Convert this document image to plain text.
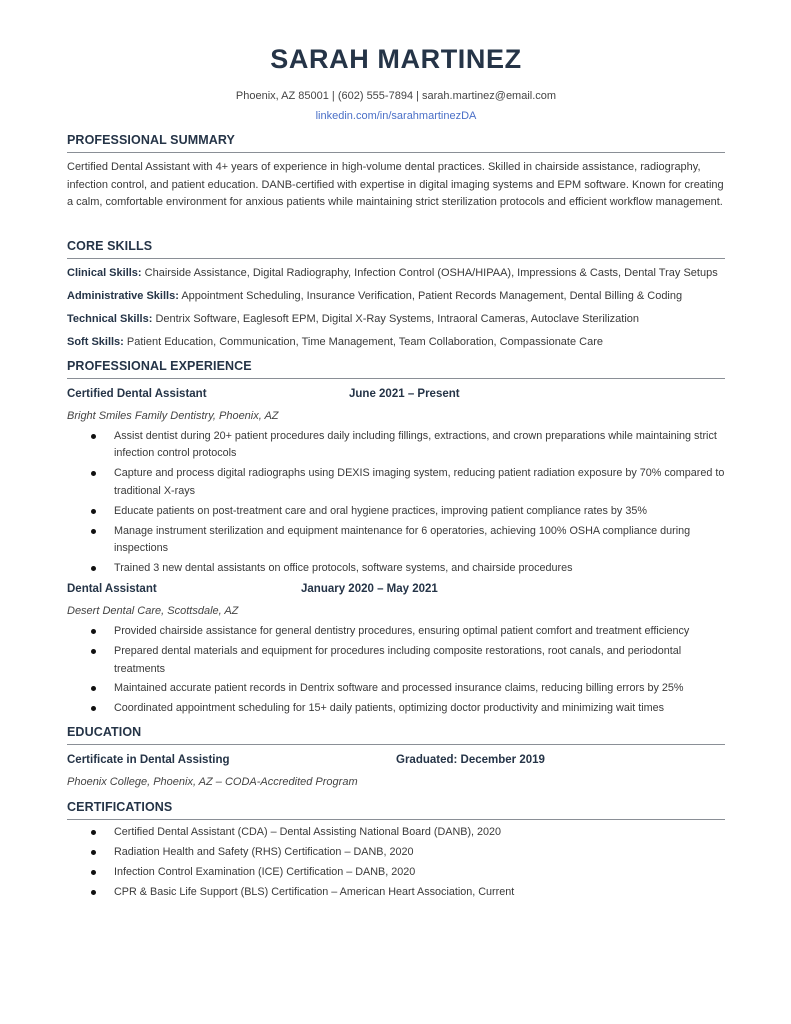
SARAH MARTINEZ
Phoenix, AZ 85001 | (602) 555-7894 | sarah.martinez@email.com
linkedin.com/in/sarahmartinezDA
PROFESSIONAL SUMMARY
Certified Dental Assistant with 4+ years of experience in high-volume dental practices. Skilled in chairside assistance, radiography, infection control, and patient education. DANB-certified with expertise in digital imaging systems and EPM software. Known for creating a calm, comfortable environment for anxious patients while maintaining strict sterilization protocols and efficient workflow management.
CORE SKILLS
Clinical Skills: Chairside Assistance, Digital Radiography, Infection Control (OSHA/HIPAA), Impressions & Casts, Dental Tray Setups
Administrative Skills: Appointment Scheduling, Insurance Verification, Patient Records Management, Dental Billing & Coding
Technical Skills: Dentrix Software, Eaglesoft EPM, Digital X-Ray Systems, Intraoral Cameras, Autoclave Sterilization
Soft Skills: Patient Education, Communication, Time Management, Team Collaboration, Compassionate Care
PROFESSIONAL EXPERIENCE
Certified Dental Assistant	June 2021 – Present
Bright Smiles Family Dentistry, Phoenix, AZ
Assist dentist during 20+ patient procedures daily including fillings, extractions, and crown preparations while maintaining strict infection control protocols
Capture and process digital radiographs using DEXIS imaging system, reducing patient radiation exposure by 70% compared to traditional X-rays
Educate patients on post-treatment care and oral hygiene practices, improving patient compliance rates by 35%
Manage instrument sterilization and equipment maintenance for 6 operatories, achieving 100% OSHA compliance during inspections
Trained 3 new dental assistants on office protocols, software systems, and chairside procedures
Dental Assistant	January 2020 – May 2021
Desert Dental Care, Scottsdale, AZ
Provided chairside assistance for general dentistry procedures, ensuring optimal patient comfort and treatment efficiency
Prepared dental materials and equipment for procedures including composite restorations, root canals, and periodontal treatments
Maintained accurate patient records in Dentrix software and processed insurance claims, reducing billing errors by 25%
Coordinated appointment scheduling for 15+ daily patients, optimizing doctor productivity and minimizing wait times
EDUCATION
Certificate in Dental Assisting	Graduated: December 2019
Phoenix College, Phoenix, AZ – CODA-Accredited Program
CERTIFICATIONS
Certified Dental Assistant (CDA) – Dental Assisting National Board (DANB), 2020
Radiation Health and Safety (RHS) Certification – DANB, 2020
Infection Control Examination (ICE) Certification – DANB, 2020
CPR & Basic Life Support (BLS) Certification – American Heart Association, Current
